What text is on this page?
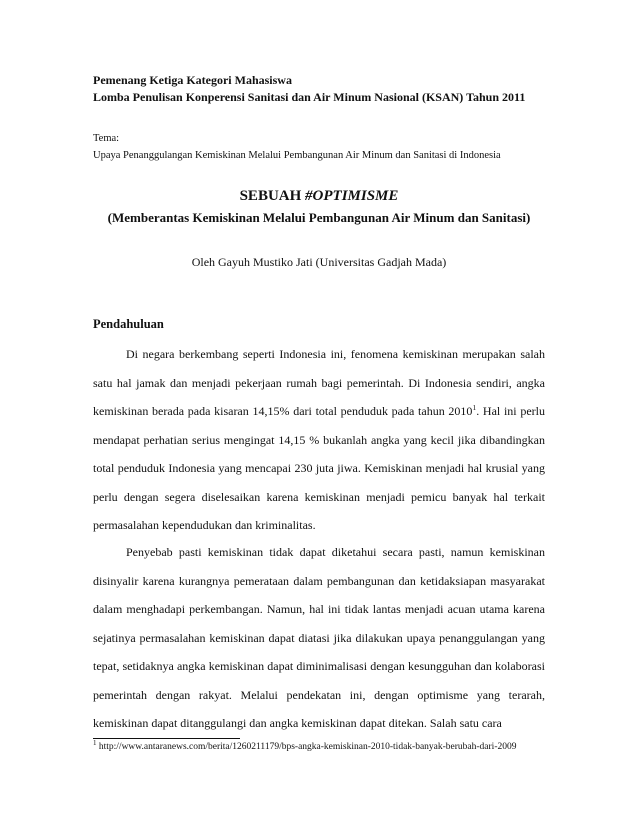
Pemenang Ketiga Kategori Mahasiswa
Lomba Penulisan Konperensi Sanitasi dan Air Minum Nasional (KSAN) Tahun 2011
Tema:
Upaya Penanggulangan Kemiskinan Melalui Pembangunan Air Minum dan Sanitasi di Indonesia
SEBUAH #OPTIMISME
(Memberantas Kemiskinan Melalui Pembangunan Air Minum dan Sanitasi)
Oleh Gayuh Mustiko Jati (Universitas Gadjah Mada)
Pendahuluan

Di negara berkembang seperti Indonesia ini, fenomena kemiskinan merupakan salah satu hal jamak dan menjadi pekerjaan rumah bagi pemerintah. Di Indonesia sendiri, angka kemiskinan berada pada kisaran 14,15% dari total penduduk pada tahun 2010$^1$. Hal ini perlu mendapat perhatian serius mengingat 14,15 % bukanlah angka yang kecil jika dibandingkan total penduduk Indonesia yang mencapai 230 juta jiwa. Kemiskinan menjadi hal krusial yang perlu dengan segera diselesaikan karena kemiskinan menjadi pemicu banyak hal terkait permasalahan kependudukan dan kriminalitas.

Penyebab pasti kemiskinan tidak dapat diketahui secara pasti, namun kemiskinan disinyalir karena kurangnya pemerataan dalam pembangunan dan ketidaksiapan masyarakat dalam menghadapi perkembangan. Namun, hal ini tidak lantas menjadi acuan utama karena sejatinya permasalahan kemiskinan dapat diatasi jika dilakukan upaya penanggulangan yang tepat, setidaknya angka kemiskinan dapat diminimalisasi dengan kesungguhan dan kolaborasi pemerintah dengan rakyat. Melalui pendekatan ini, dengan optimisme yang terarah, kemiskinan dapat ditanggulangi dan angka kemiskinan dapat ditekan. Salah satu cara

$^1$ http://www.antaranews.com/berita/1260211179/bps-angka-kemiskinan-2010-tidak-banyak-berubah-dari-2009
